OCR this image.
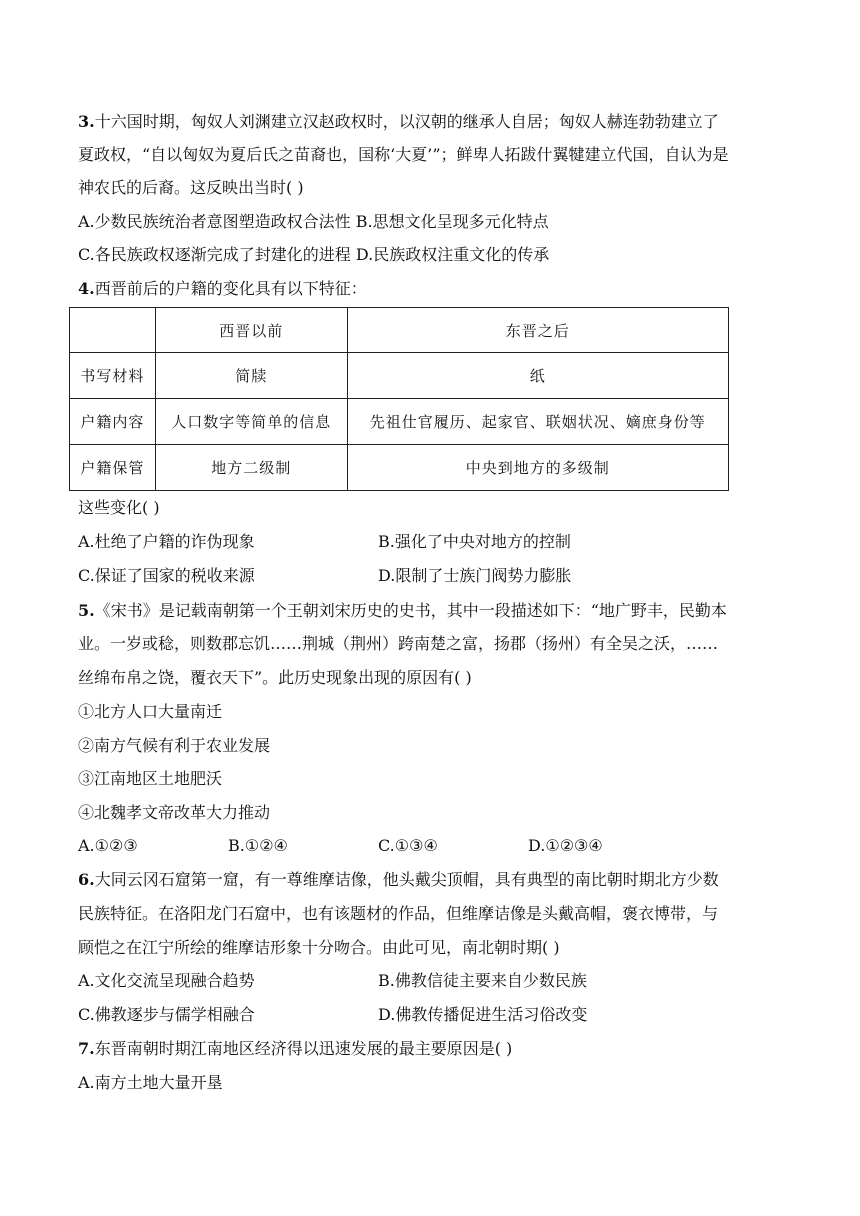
3.十六国时期，匈奴人刘渊建立汉赵政权时，以汉朝的继承人自居；匈奴人赫连勃勃建立了
夏政权，“自以匈奴为夏后氏之苗裔也，国称‘大夏’”；鲜卑人拓跋什翼犍建立代国，自认为是
神农氏的后裔。这反映出当时( )
A.少数民族统治者意图塑造政权合法性 B.思想文化呈现多元化特点
C.各民族政权逐渐完成了封建化的进程 D.民族政权注重文化的传承
4.西晋前后的户籍的变化具有以下特征：
	西晋以前	东晋之后
书写材料	简牍	纸
户籍内容	人口数字等简单的信息	先祖仕官履历、起家官、联姻状况、嫡庶身份等
户籍保管	地方二级制	中央到地方的多级制
这些变化( )
A.杜绝了户籍的诈伪现象	B.强化了中央对地方的控制
C.保证了国家的税收来源	D.限制了士族门阀势力膨胀
5.《宋书》是记载南朝第一个王朝刘宋历史的史书，其中一段描述如下：“地广野丰，民勤本
业。一岁或稔，则数郡忘饥……荆城（荆州）跨南楚之富，扬郡（扬州）有全吴之沃，……
丝绵布帛之饶，覆衣天下”。此历史现象出现的原因有( )
①北方人口大量南迁
②南方气候有利于农业发展
③江南地区土地肥沃
④北魏孝文帝改革大力推动
A.①②③	B.①②④	C.①③④	D.①②③④
6.大同云冈石窟第一窟，有一尊维摩诘像，他头戴尖顶帽，具有典型的南比朝时期北方少数
民族特征。在洛阳龙门石窟中，也有该题材的作品，但维摩诘像是头戴高帽，褒衣博带，与
顾恺之在江宁所绘的维摩诘形象十分吻合。由此可见，南北朝时期( )
A.文化交流呈现融合趋势	B.佛教信徒主要来自少数民族
C.佛教逐步与儒学相融合	D.佛教传播促进生活习俗改变
7.东晋南朝时期江南地区经济得以迅速发展的最主要原因是( )
A.南方土地大量开垦
